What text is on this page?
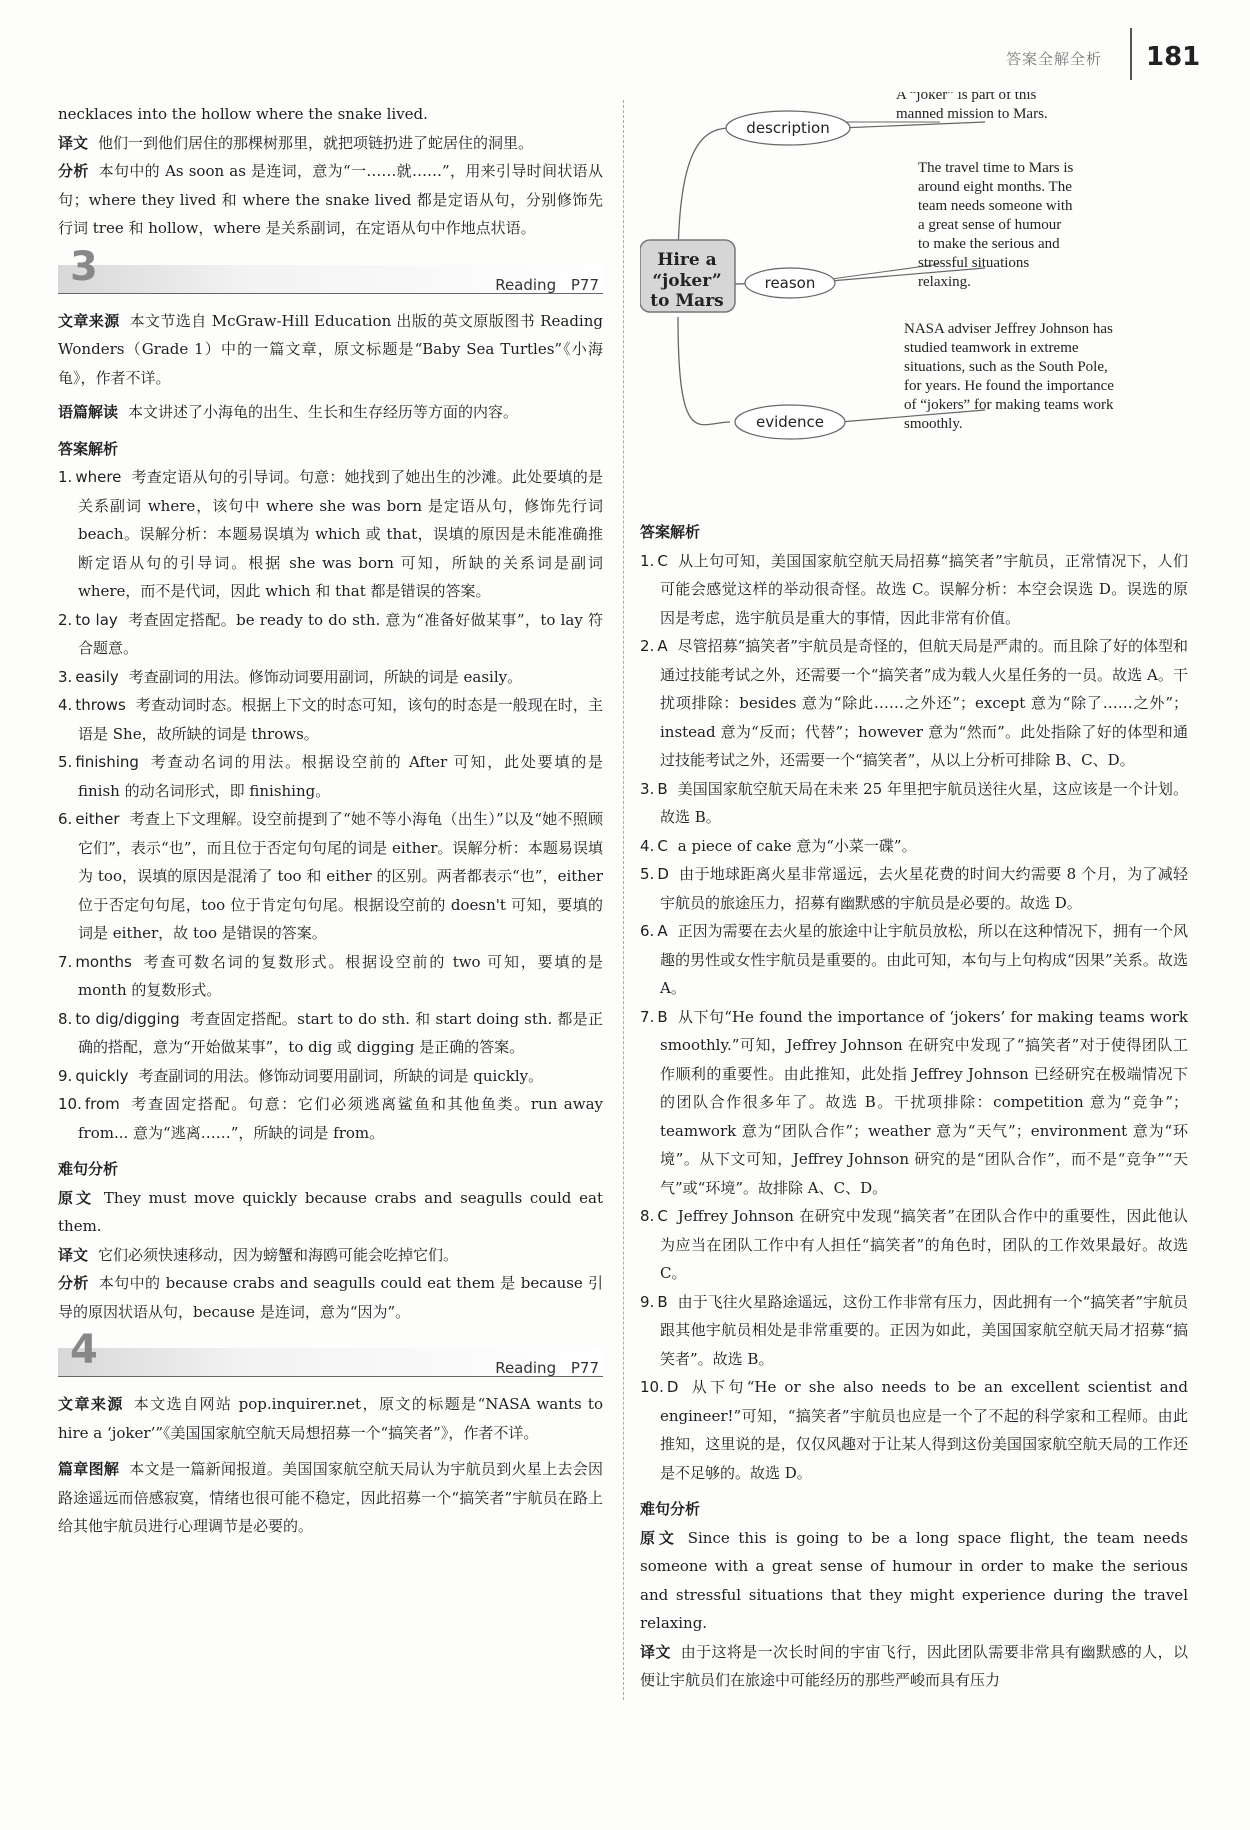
答案全解全析 181

necklaces into the hollow where the snake lived.

译文 他们一到他们居住的那棵树那里，就把项链扔进了蛇居住的洞里。

分析 本句中的 As soon as 是连词，意为“一……就……”，用来引导时间状语从句；where they lived 和 where the snake lived 都是定语从句，分别修饰先行词 tree 和 hollow，where 是关系副词，在定语从句中作地点状语。

3	Reading P77

文章来源 本文节选自 McGraw-Hill Education 出版的英文原版图书 Reading Wonders（Grade 1）中的一篇文章，原文标题是“Baby Sea Turtles”《小海龟》，作者不详。

语篇解读 本文讲述了小海龟的出生、生长和生存经历等方面的内容。

答案解析

1. where 考查定语从句的引导词。句意：她找到了她出生的沙滩。此处要填的是关系副词 where，该句中 where she was born 是定语从句，修饰先行词 beach。误解分析：本题易误填为 which 或 that，误填的原因是未能准确推断定语从句的引导词。根据 she was born 可知，所缺的关系词是副词 where，而不是代词，因此 which 和 that 都是错误的答案。

2. to lay 考查固定搭配。be ready to do sth. 意为“准备好做某事”，to lay 符合题意。

3. easily 考查副词的用法。修饰动词要用副词，所缺的词是 easily。

4. throws 考查动词时态。根据上下文的时态可知，该句的时态是一般现在时，主语是 She，故所缺的词是 throws。

5. finishing 考查动名词的用法。根据设空前的 After 可知，此处要填的是 finish 的动名词形式，即 finishing。

6. either 考查上下文理解。设空前提到了“她不等小海龟（出生）”以及“她不照顾它们”，表示“也”，而且位于否定句句尾的词是 either。误解分析：本题易误填为 too，误填的原因是混淆了 too 和 either 的区别。两者都表示“也”，either 位于否定句句尾，too 位于肯定句句尾。根据设空前的 doesn't 可知，要填的词是 either，故 too 是错误的答案。

7. months 考查可数名词的复数形式。根据设空前的 two 可知，要填的是 month 的复数形式。

8. to dig/digging 考查固定搭配。start to do sth. 和 start doing sth. 都是正确的搭配，意为“开始做某事”，to dig 或 digging 是正确的答案。

9. quickly 考查副词的用法。修饰动词要用副词，所缺的词是 quickly。

10. from 考查固定搭配。句意：它们必须逃离鲨鱼和其他鱼类。run away from... 意为“逃离……”，所缺的词是 from。

难句分析

原文 They must move quickly because crabs and seagulls could eat them.

译文 它们必须快速移动，因为螃蟹和海鸥可能会吃掉它们。

分析 本句中的 because crabs and seagulls could eat them 是 because 引导的原因状语从句，because 是连词，意为“因为”。

4	Reading P77

文章来源 本文选自网站 pop.inquirer.net，原文的标题是“NASA wants to hire a ‘joker’”《美国国家航空航天局想招募一个“搞笑者”》，作者不详。

篇章图解 本文是一篇新闻报道。美国国家航空航天局认为宇航员到火星上去会因路途遥远而倍感寂寞，情绪也很可能不稳定，因此招募一个“搞笑者”宇航员在路上给其他宇航员进行心理调节是必要的。

Hire a
“joker”
to Mars
description
reason
evidence
A “joker” is part of this
manned mission to Mars.
The travel time to Mars is
around eight months. The
team needs someone with
a great sense of humour
to make the serious and
stressful situations
relaxing.
NASA adviser Jeffrey Johnson has
studied teamwork in extreme
situations, such as the South Pole,
for years. He found the importance
of “jokers” for making teams work
smoothly.
答案解析

1. C 从上句可知，美国国家航空航天局招募“搞笑者”宇航员，正常情况下，人们可能会感觉这样的举动很奇怪。故选 C。误解分析：本空会误选 D。误选的原因是考虑，选宇航员是重大的事情，因此非常有价值。

2. A 尽管招募“搞笑者”宇航员是奇怪的，但航天局是严肃的。而且除了好的体型和通过技能考试之外，还需要一个“搞笑者”成为载人火星任务的一员。故选 A。干扰项排除：besides 意为“除此……之外还”；except 意为“除了……之外”；instead 意为“反而；代替”；however 意为“然而”。此处指除了好的体型和通过技能考试之外，还需要一个“搞笑者”，从以上分析可排除 B、C、D。

3. B 美国国家航空航天局在未来 25 年里把宇航员送往火星，这应该是一个计划。故选 B。

4. C a piece of cake 意为“小菜一碟”。

5. D 由于地球距离火星非常遥远，去火星花费的时间大约需要 8 个月，为了减轻宇航员的旅途压力，招募有幽默感的宇航员是必要的。故选 D。

6. A 正因为需要在去火星的旅途中让宇航员放松，所以在这种情况下，拥有一个风趣的男性或女性宇航员是重要的。由此可知，本句与上句构成“因果”关系。故选 A。

7. B 从下句“He found the importance of ‘jokers’ for making teams work smoothly.”可知，Jeffrey Johnson 在研究中发现了“搞笑者”对于使得团队工作顺利的重要性。由此推知，此处指 Jeffrey Johnson 已经研究在极端情况下的团队合作很多年了。故选 B。干扰项排除：competition 意为“竞争”；teamwork 意为“团队合作”；weather 意为“天气”；environment 意为“环境”。从下文可知，Jeffrey Johnson 研究的是“团队合作”，而不是“竞争”“天气”或“环境”。故排除 A、C、D。

8. C Jeffrey Johnson 在研究中发现“搞笑者”在团队合作中的重要性，因此他认为应当在团队工作中有人担任“搞笑者”的角色时，团队的工作效果最好。故选 C。

9. B 由于飞往火星路途遥远，这份工作非常有压力，因此拥有一个“搞笑者”宇航员跟其他宇航员相处是非常重要的。正因为如此，美国国家航空航天局才招募“搞笑者”。故选 B。

10. D 从下句“He or she also needs to be an excellent scientist and engineer!”可知，“搞笑者”宇航员也应是一个了不起的科学家和工程师。由此推知，这里说的是，仅仅风趣对于让某人得到这份美国国家航空航天局的工作还是不足够的。故选 D。

难句分析

原文 Since this is going to be a long space flight, the team needs someone with a great sense of humour in order to make the serious and stressful situations that they might experience during the travel relaxing.

译文 由于这将是一次长时间的宇宙飞行，因此团队需要非常具有幽默感的人，以便让宇航员们在旅途中可能经历的那些严峻而具有压力
